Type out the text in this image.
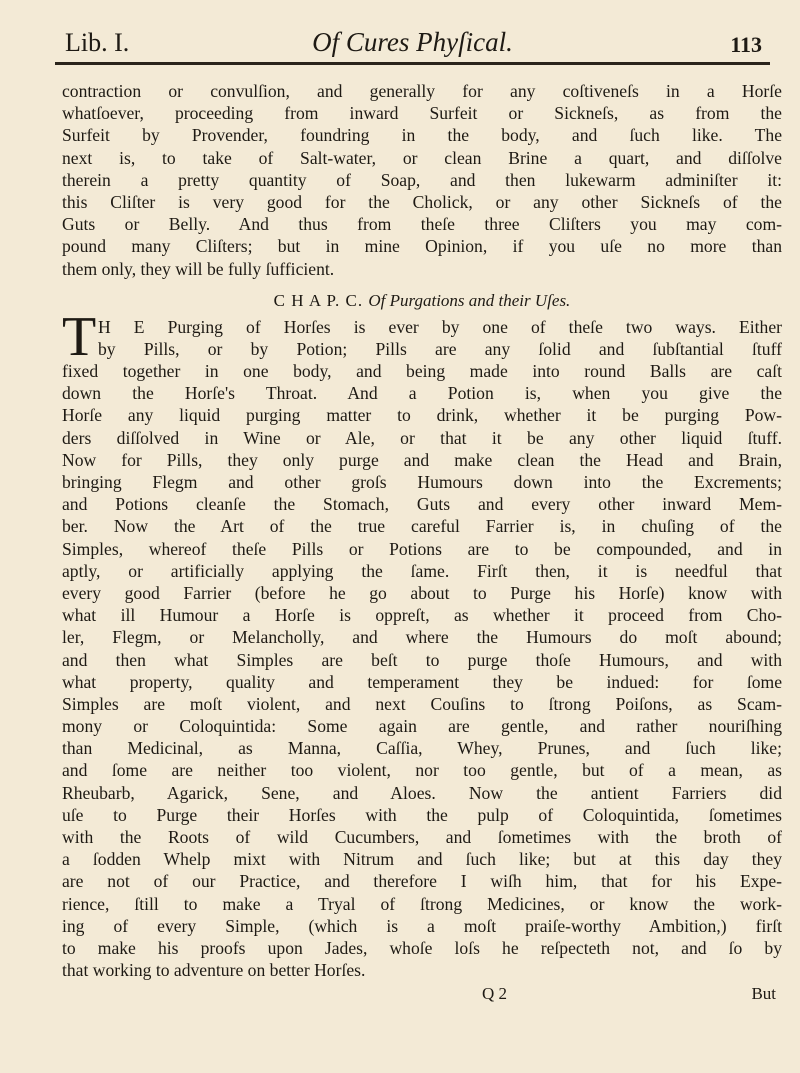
Lib. I.	Of Cures Phyſical.	113
contraction or convulſion, and generally for any coſtiveneſs in a Horſe
whatſoever, proceeding from inward Surfeit or Sickneſs, as from the
Surfeit by Provender, foundring in the body, and ſuch like. The
next is, to take of Salt-water, or clean Brine a quart, and diſſolve
therein a pretty quantity of Soap, and then lukewarm adminiſter it:
this Cliſter is very good for the Cholick, or any other Sickneſs of the
Guts or Belly. And thus from theſe three Cliſters you may com-
pound many Cliſters; but in mine Opinion, if you uſe no more than
them only, they will be fully ſufficient.
C H A P. C. Of Purgations and their Uſes.
T H E Purging of Horſes is ever by one of theſe two ways. Either
by Pills, or by Potion; Pills are any ſolid and ſubſtantial ſtuff
fixed together in one body, and being made into round Balls are caſt
down the Horſe's Throat. And a Potion is, when you give the
Horſe any liquid purging matter to drink, whether it be purging Pow-
ders diſſolved in Wine or Ale, or that it be any other liquid ſtuff.
Now for Pills, they only purge and make clean the Head and Brain,
bringing Flegm and other groſs Humours down into the Excrements;
and Potions cleanſe the Stomach, Guts and every other inward Mem-
ber. Now the Art of the true careful Farrier is, in chuſing of the
Simples, whereof theſe Pills or Potions are to be compounded, and in
aptly, or artificially applying the ſame. Firſt then, it is needful that
every good Farrier (before he go about to Purge his Horſe) know with
what ill Humour a Horſe is oppreſt, as whether it proceed from Cho-
ler, Flegm, or Melancholly, and where the Humours do moſt abound;
and then what Simples are beſt to purge thoſe Humours, and with
what property, quality and temperament they be indued: for ſome
Simples are moſt violent, and next Couſins to ſtrong Poiſons, as Scam-
mony or Coloquintida: Some again are gentle, and rather nouriſhing
than Medicinal, as Manna, Caſſia, Whey, Prunes, and ſuch like;
and ſome are neither too violent, nor too gentle, but of a mean, as
Rheubarb, Agarick, Sene, and Aloes. Now the antient Farriers did
uſe to Purge their Horſes with the pulp of Coloquintida, ſometimes
with the Roots of wild Cucumbers, and ſometimes with the broth of
a ſodden Whelp mixt with Nitrum and ſuch like; but at this day they
are not of our Practice, and therefore I wiſh him, that for his Expe-
rience, ſtill to make a Tryal of ſtrong Medicines, or know the work-
ing of every Simple, (which is a moſt praiſe-worthy Ambition,) firſt
to make his proofs upon Jades, whoſe loſs he reſpecteth not, and ſo by
that working to adventure on better Horſes.
Q 2	But
